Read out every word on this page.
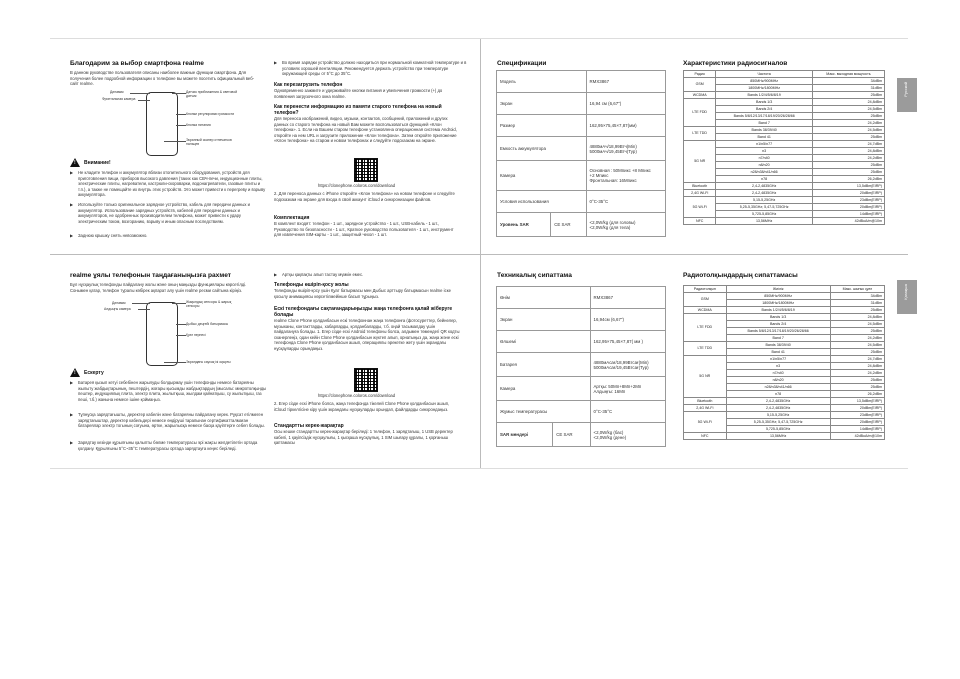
Благодарим за выбор смартфона realme
В данном руководстве пользователя описаны наиболее важные функции смартфона. Для получения более подробной информации о телефоне вы можете посетить официальный веб-сайт realme.
Динамик
Фронтальная камера
Датчик приближения & световой датчик
Кнопки регулировки громкости
Кнопка питания
Экранный сканер отпечатков пальцев
! Внимание!
▶ Не кладите телефон и аккумулятор вблизи отопительного оборудования, устройств для приготовления пищи, приборов высокого давления (таких как СВЧ-печи, индукционные плиты, электрические плиты, нагреватели, кастрюли-скороварки, водонагреватели, газовые плиты и т.п.), а также не помещайте их внутрь этих устройств. Это может привести к перегреву и взрыву аккумулятора.
▶ Используйте только оригинальное зарядное устройство, кабель для передачи данных и аккумулятор. Использование зарядных устройств, кабелей для передачи данных и аккумуляторов, не одобренных производителем телефона, может привести к удару электрическим током, возгоранию, взрыву и иным опасным последствиям.
▶ Заднюю крышку снять невозможно.
▶ Во время зарядки устройство должно находиться при нормальной комнатной температуре и в условиях хорошей вентиляции. Рекомендуется держать устройство при температуре окружающей среды от 5°C до 35°C.
Как перезагрузить телефон
Одновременно зажмите и удерживайте кнопки питания и увеличения громкости (+) до появления загрузочного окна realme.
Как перенести информацию из памяти старого телефона на новый телефон?
Для переноса изображений, видео, музыки, контактов, сообщений, приложений и других данных со старого телефона на новый Вам можете воспользоваться функцией «Клон телефона». 1. Если на Вашем старом телефоне установлена операционная система Android, откройте на нем URL и загрузите приложение «Клон телефона». Затем откройте приложение «Клон телефона» на старом и новом телефонах и следуйте подсказкам на экране.
https://clonephone.coloros.com/download
2. Для переноса данных с iPhone откройте «Клон телефона» на новом телефоне и следуйте подсказкам на экране для входа в свой аккаунт iCloud и синхронизации файлов.
Комплектация
В комплект входят: телефон - 1 шт., зарядное устройство - 1 шт., USB-кабель - 1 шт., Руководство по безопасности - 1 шт., Краткое руководство пользователя - 1 шт., инструмент для извлечения SIM-карты - 1 шт., защитный чехол - 1 шт.
Спецификации
Модель		RMX3867
Экран		16,94 см (6,67")
Размер		162,95×75,45×7,87(мм)
Емкость аккумулятора		4880мАч/18,99Втч(Min)
5000мАч/19,45Втч(Typ)
Камера		Основная : 50Мпикс +8 Мпикс
+2 Мпикс
Фронтальная: 16Мпикс
Условия использования		0°C-35°C
Уровень SAR	CE SAR	<2,0W/kg (для головы)
<2,0W/kg (для тела)
Характеристики радиосигналов
Радио	Частота	Макс. выходная мощность
GSM	850MHz/900MHz	34dBm
	1800MHz/1800MHz	31dBm
WCDMA	Bands 1/2/4/5/6/8/19	25dBm
LTE FDD	Bands 1/3	24,8dBm
	Bands 2/4	24,5dBm
	Bands 5/8/12/13/17/18/19/20/26/28/66	25dBm
	Band 7	24,2dBm
LTE TDD	Bands 38/39/40	24,5dBm
	Band 41	25dBm
5G NR	n1/n5/n77	24,7dBm
	n3	24,8dBm
	n7/n40	24,2dBm
	n8/n20	25dBm
	n28/n38/n41/n66	25dBm
	n78	26,2dBm
Bluetooth	2,4-2,4835GHz	13,5dBm(EIRP)
2,4G Wi-Fi	2,4-2,4835GHz	20dBm(EIRP)
5G Wi-Fi	5,15-5,25GHz	23dBm(EIRP)
	5,25-5,35GHz; 5,47-5,725GHz	20dBm(EIRP)
	5,725-5,85GHz	14dBm(EIRP)
NFC	13,56MHz	42dBuA/m@10m
Русский
realme ұялы телефонын таңдағаныңызға рахмет
Бұл нұсқаулық телефонды пайдалану жолы және оның маңызды функциялары көрсетілді. Сонымен қатар, телефон туралы көбірек ақпарат алу үшін realme ресми сайтына кіріңіз.
Динамик
Алдыңғы камера
Жақындық сенсоры & жарық сенсоры
Дыбыс деңгейі батырмасы
Қуат пернесі
Экрандағы саусақ ізі оқырғы
! Ескерту
▶ Батарея қызып кетуі себебінен жарылуды болдырмау үшін телефонды немесе батареяны жылыту жабдықтарының, пештердің, жоғары қысымды жабдықтардың (мысалы: микротолқынды пештер, индукциялық плита, электр плита, жылытқыш, жылдам қайнатқыш, су жылытқыш, газ пеші, т.б.) жанына немесе ішіне қоймаңыз.
▶ Тұпнұсқа зарядтағышты, деректер кабелін және батареяны пайдалану керек. Рұқсат етілмеген зарядтағыштар, деректер кабельдері немесе өндіруші тарапынан сертификатталмаған батареялар электр тогының соғуына, өртке, жарылысқа немесе басқа қауіптерге себеп болады.
▶ Зарядтау кезінде құрылғыны қалыпты бөлме температурасы әрі жақсы желдетілетін ортада қолдану. Құрылғыны 5°C~35°C температурасы ортада зарядтауға кеңес беріледі.
▶ Артқы қақпақты алып тастау мүмкін емес.
Телефонды өшіріп-қосу жолы
Телефонды өшіріп-қосу үшін Қуат батырмасы мен Дыбыс арттыру батырмасын realme іске қосылу анимациясы көрсетілмейінше басып тұрыңыз.
Ескі телефондағы сақтағандарыңызды жаңа телефонға қалай жіберуге болады
realme Clone Phone қолданбасын ескі телефоннан жаңа телефонға (фотосуреттер, бейнелер, музыканы, контакттарды, хабарларды, қолданбаларды, т.б. оңай тасымалдау үшін пайдалануға болады. 1. Егер сізде ескі Android телефоны болса, алдымен төмендегі QR кодты сканерлеңіз, одан кейін Clone Phone қолданбасын жүктеп алып, орнатыңыз да, жаңа және ескі телефонда Clone Phone қолданбасын ашып, операциялы әрекетке жету үшін экрандағы нұсқауларды орындаңыз.
https://clonephone.coloros.com/download
2. Егер сізде ескі iPhone болса, жаңа телефонда тікелей Clone Phone қолданбасын ашып, iCloud тіркелгісіне кіру үшін экрандағы нұсқауларды орындап, файлдарды синхрондаңыз.
Стандартты керек-жарақтар
Осы кешке стандартты керек-жарақтар беріледі: 1 телефон, 1 зарядтағыш, 1 USB деректер кабелі, 1 қауіпсіздік нұсқаулығы, 1 қысқаша нұсқаулық, 1 SIM шығару құралы, 1 қорғаныш қаптамасы
Техникалық сипаттама
Өнім		RMX3867
Экран		16,94см (6,67")
Өлшемі		162,95×75,45×7,87( мм )
Батарея		4880мАсағ/18,99Втсағ(Min)
5000мАсағ/19,45Втсағ(Typ)
Камера		Артқы: 50Мп+8Мп+2Мп
Алдыңғы: 16Мп
Жұмыс температурасы		0°C-35°C
SAR мөндері	CE SAR	<2,0W/kg (бас)
<2,0W/kg (дене)
Радиотолқындардың сипаттамасы
Радиотолқын	Жиілік	Макс. шығыс қуат
GSM	850MHz/900MHz	34dBm
	1800MHz/1800MHz	31dBm
WCDMA	Bands 1/2/4/5/6/8/19	25dBm
LTE FDD	Bands 1/3	24,8dBm
	Bands 2/4	24,5dBm
	Bands 5/8/12/13/17/18/19/20/26/28/66	25dBm
	Band 7	24,2dBm
LTE TDD	Bands 38/39/40	24,5dBm
	Band 41	25dBm
5G NR	n1/n5/n77	24,7dBm
	n3	24,8dBm
	n7/n40	24,2dBm
	n8/n20	25dBm
	n28/n38/n41/n66	25dBm
	n78	26,2dBm
Bluetooth	2,4-2,4835GHz	13,5dBm(EIRP)
2,4G Wi-Fi	2,4-2,4835GHz	20dBm(EIRP)
5G Wi-Fi	5,15-5,25GHz	23dBm(EIRP)
	5,25-5,35GHz; 5,47-5,725GHz	20dBm(EIRP)
	5,725-5,85GHz	14dBm(EIRP)
NFC	13,56MHz	42dBuA/m@10m
Қазақша
